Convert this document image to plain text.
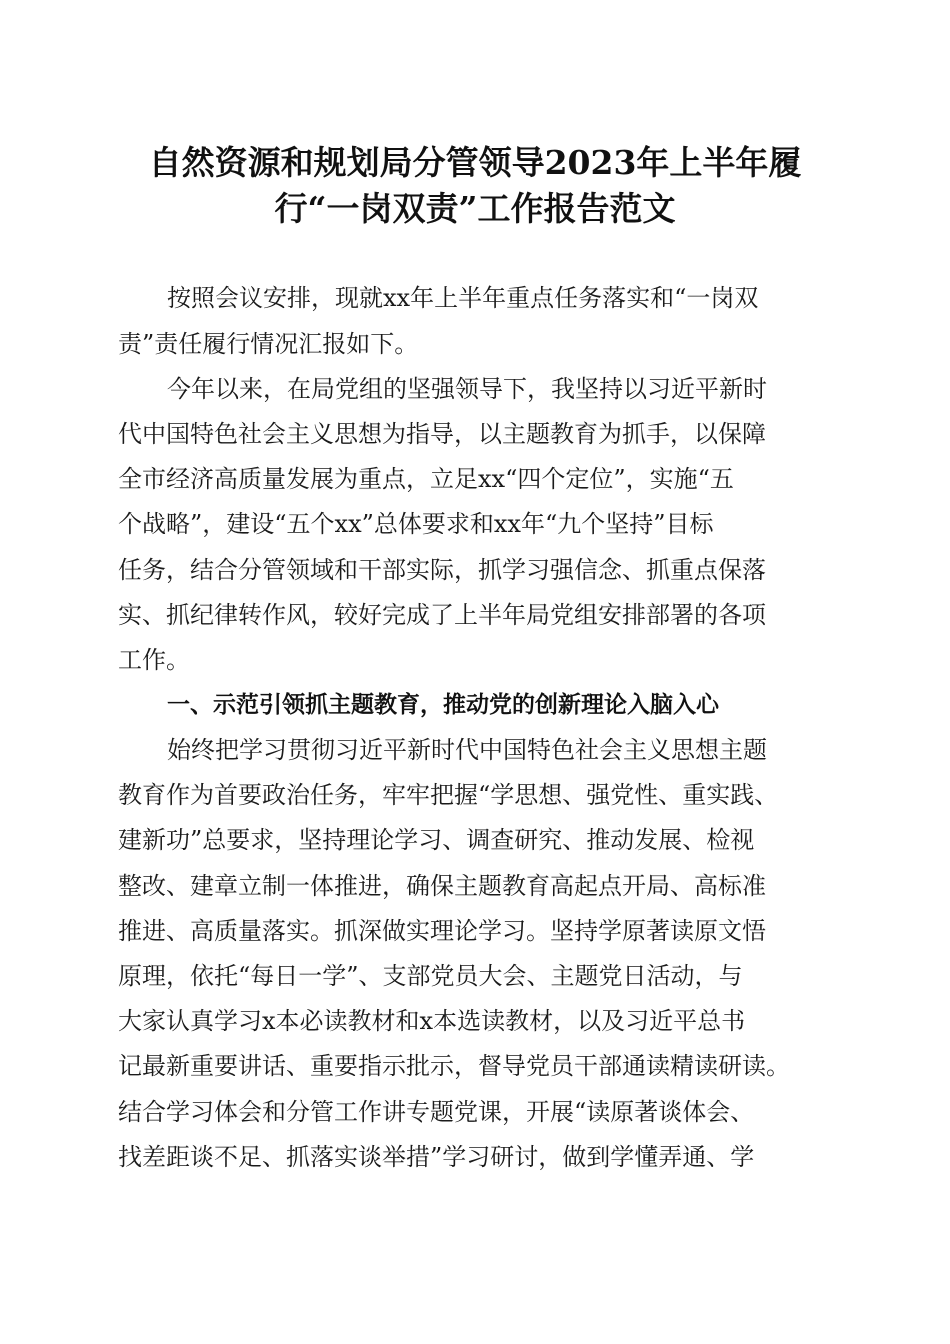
自然资源和规划局分管领导2023年上半年履
行“一岗双责”工作报告范文

按照会议安排，现就xx年上半年重点任务落实和“一岗双

责”责任履行情况汇报如下。

今年以来，在局党组的坚强领导下，我坚持以习近平新时

代中国特色社会主义思想为指导，以主题教育为抓手，以保障

全市经济高质量发展为重点，立足xx“四个定位”，实施“五

个战略”，建设“五个xx”总体要求和xx年“九个坚持”目标

任务，结合分管领域和干部实际，抓学习强信念、抓重点保落

实、抓纪律转作风，较好完成了上半年局党组安排部署的各项

工作。

一、示范引领抓主题教育，推动党的创新理论入脑入心

始终把学习贯彻习近平新时代中国特色社会主义思想主题

教育作为首要政治任务，牢牢把握“学思想、强党性、重实践、

建新功”总要求，坚持理论学习、调查研究、推动发展、检视

整改、建章立制一体推进，确保主题教育高起点开局、高标准

推进、高质量落实。抓深做实理论学习。坚持学原著读原文悟

原理，依托“每日一学”、支部党员大会、主题党日活动，与

大家认真学习x本必读教材和x本选读教材，以及习近平总书

记最新重要讲话、重要指示批示，督导党员干部通读精读研读。

结合学习体会和分管工作讲专题党课，开展“读原著谈体会、

找差距谈不足、抓落实谈举措”学习研讨，做到学懂弄通、学
